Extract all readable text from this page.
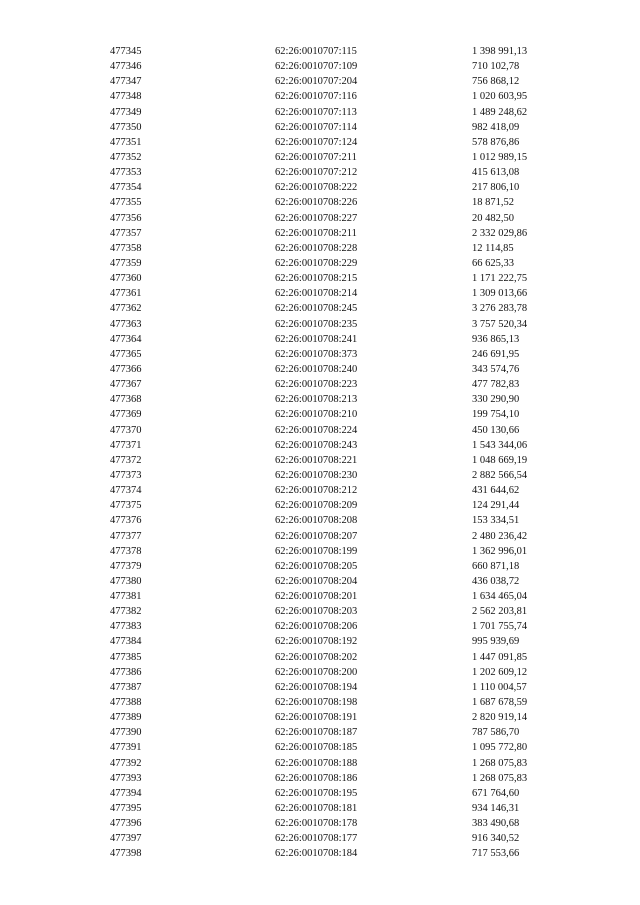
477345	62:26:0010707:115	1 398 991,13
477346	62:26:0010707:109	710 102,78
477347	62:26:0010707:204	756 868,12
477348	62:26:0010707:116	1 020 603,95
477349	62:26:0010707:113	1 489 248,62
477350	62:26:0010707:114	982 418,09
477351	62:26:0010707:124	578 876,86
477352	62:26:0010707:211	1 012 989,15
477353	62:26:0010707:212	415 613,08
477354	62:26:0010708:222	217 806,10
477355	62:26:0010708:226	18 871,52
477356	62:26:0010708:227	20 482,50
477357	62:26:0010708:211	2 332 029,86
477358	62:26:0010708:228	12 114,85
477359	62:26:0010708:229	66 625,33
477360	62:26:0010708:215	1 171 222,75
477361	62:26:0010708:214	1 309 013,66
477362	62:26:0010708:245	3 276 283,78
477363	62:26:0010708:235	3 757 520,34
477364	62:26:0010708:241	936 865,13
477365	62:26:0010708:373	246 691,95
477366	62:26:0010708:240	343 574,76
477367	62:26:0010708:223	477 782,83
477368	62:26:0010708:213	330 290,90
477369	62:26:0010708:210	199 754,10
477370	62:26:0010708:224	450 130,66
477371	62:26:0010708:243	1 543 344,06
477372	62:26:0010708:221	1 048 669,19
477373	62:26:0010708:230	2 882 566,54
477374	62:26:0010708:212	431 644,62
477375	62:26:0010708:209	124 291,44
477376	62:26:0010708:208	153 334,51
477377	62:26:0010708:207	2 480 236,42
477378	62:26:0010708:199	1 362 996,01
477379	62:26:0010708:205	660 871,18
477380	62:26:0010708:204	436 038,72
477381	62:26:0010708:201	1 634 465,04
477382	62:26:0010708:203	2 562 203,81
477383	62:26:0010708:206	1 701 755,74
477384	62:26:0010708:192	995 939,69
477385	62:26:0010708:202	1 447 091,85
477386	62:26:0010708:200	1 202 609,12
477387	62:26:0010708:194	1 110 004,57
477388	62:26:0010708:198	1 687 678,59
477389	62:26:0010708:191	2 820 919,14
477390	62:26:0010708:187	787 586,70
477391	62:26:0010708:185	1 095 772,80
477392	62:26:0010708:188	1 268 075,83
477393	62:26:0010708:186	1 268 075,83
477394	62:26:0010708:195	671 764,60
477395	62:26:0010708:181	934 146,31
477396	62:26:0010708:178	383 490,68
477397	62:26:0010708:177	916 340,52
477398	62:26:0010708:184	717 553,66
